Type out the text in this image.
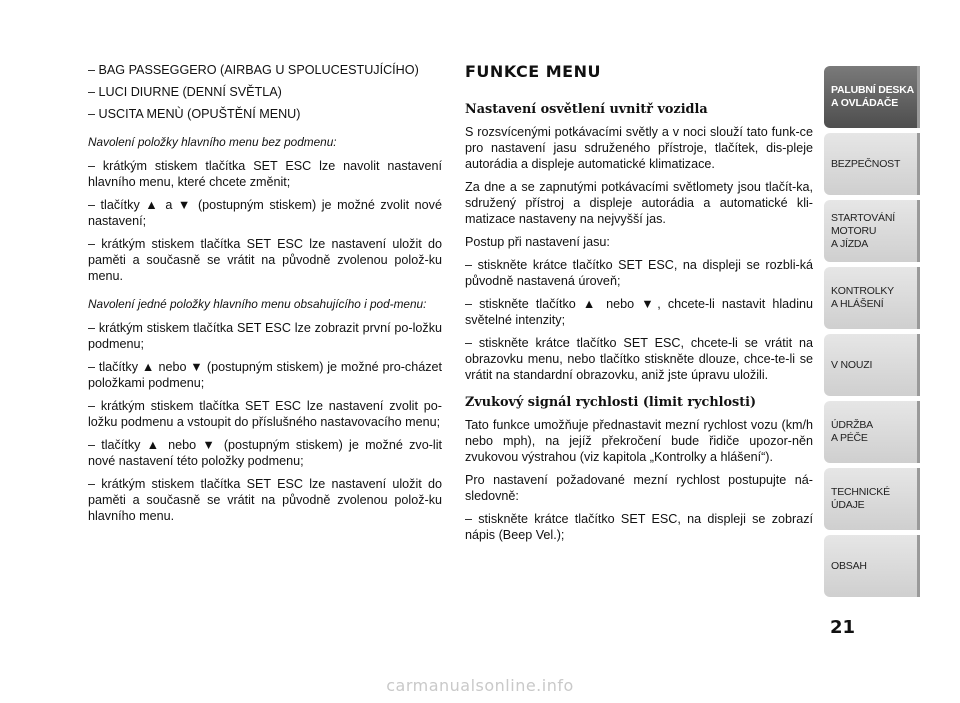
– BAG PASSEGGERO (AIRBAG U SPOLUCESTUJÍCÍHO)

– LUCI DIURNE (DENNÍ SVĚTLA)

– USCITA MENÙ (OPUŠTĚNÍ MENU)

Navolení položky hlavního menu bez podmenu:

– krátkým stiskem tlačítka SET ESC lze navolit nastavení hlavního menu, které chcete změnit;

– tlačítky ▲ a ▼ (postupným stiskem) je možné zvolit nové nastavení;

– krátkým stiskem tlačítka SET ESC lze nastavení uložit do paměti a současně se vrátit na původně zvolenou polož-ku menu.

Navolení jedné položky hlavního menu obsahujícího i pod-menu:

– krátkým stiskem tlačítka SET ESC lze zobrazit první po-ložku podmenu;

– tlačítky ▲ nebo ▼ (postupným stiskem) je možné pro-cházet položkami podmenu;

– krátkým stiskem tlačítka SET ESC lze nastavení zvolit po-ložku podmenu a vstoupit do příslušného nastavovacího menu;

– tlačítky ▲ nebo ▼ (postupným stiskem) je možné zvo-lit nové nastavení této položky podmenu;

– krátkým stiskem tlačítka SET ESC lze nastavení uložit do paměti a současně se vrátit na původně zvolenou polož-ku hlavního menu.

FUNKCE MENU
Nastavení osvětlení uvnitř vozidla

S rozsvícenými potkávacími světly a v noci slouží tato funk-ce pro nastavení jasu sdruženého přístroje, tlačítek, dis-pleje autorádia a displeje automatické klimatizace.

Za dne a se zapnutými potkávacími světlomety jsou tlačít-ka, sdružený přístroj a displeje autorádia a automatické kli-matizace nastaveny na nejvyšší jas.

Postup při nastavení jasu:

– stiskněte krátce tlačítko SET ESC, na displeji se rozbli-ká původně nastavená úroveň;

– stiskněte tlačítko ▲ nebo ▼, chcete-li nastavit hladinu světelné intenzity;

– stiskněte krátce tlačítko SET ESC, chcete-li se vrátit na obrazovku menu, nebo tlačítko stiskněte dlouze, chce-te-li se vrátit na standardní obrazovku, aniž jste úpravu uložili.

Zvukový signál rychlosti (limit rychlosti)

Tato funkce umožňuje přednastavit mezní rychlost vozu (km/h nebo mph), na jejíž překročení bude řidiče upozor-něn zvukovou výstrahou (viz kapitola „Kontrolky a hlášení“).

Pro nastavení požadované mezní rychlost postupujte ná-sledovně:

– stiskněte krátce tlačítko SET ESC, na displeji se zobrazí nápis (Beep Vel.);

PALUBNÍ DESKA
A OVLÁDAČE
BEZPEČNOST
STARTOVÁNÍ
MOTORU
A JÍZDA
KONTROLKY
A HLÁŠENÍ
V NOUZI
ÚDRŽBA
A PÉČE
TECHNICKÉ
ÚDAJE
OBSAH
21
carmanualsonline.info
